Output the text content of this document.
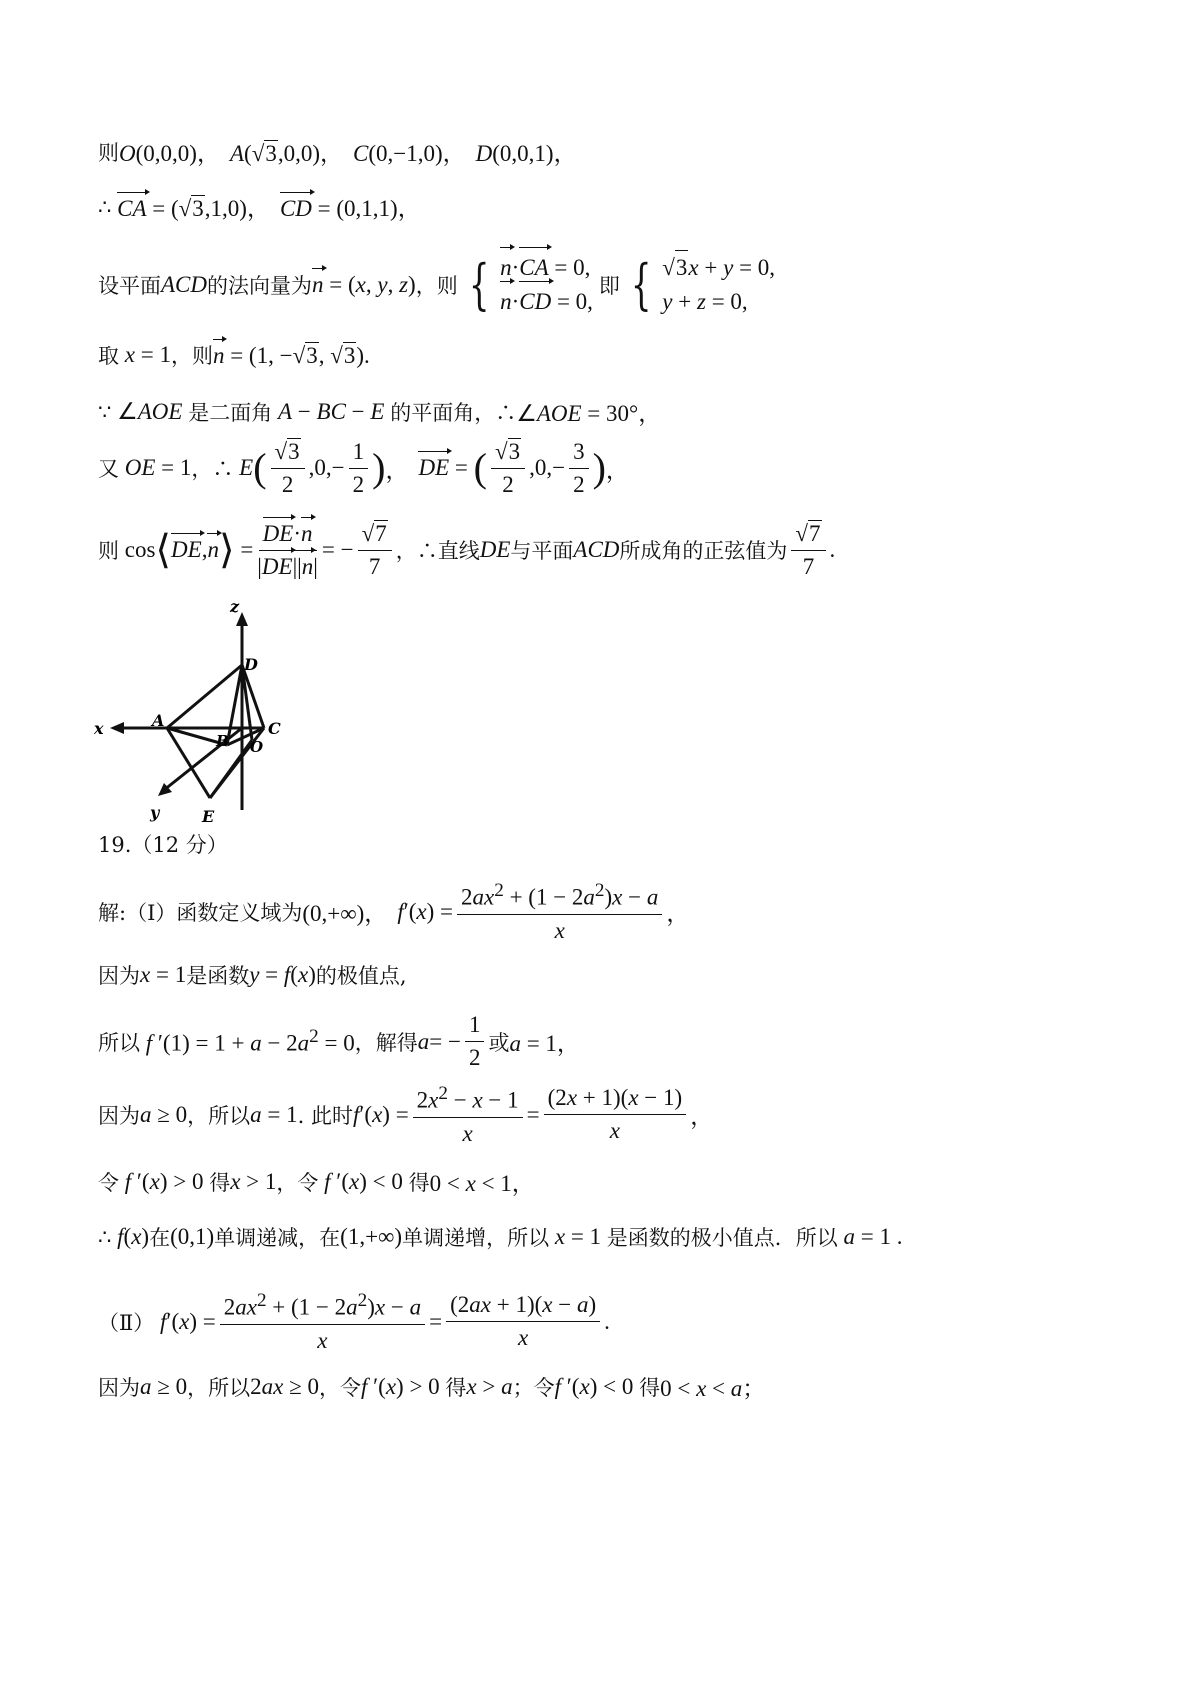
则 O(0,0,0)， A(√ 3 ,0,0)， C(0,−1,0)， D(0,0,1)，
∴ CA = (√ 3 ,1,0)， CD = (0,1,1)，
设平面 ACD 的法向量为 n = (x, y, z) ，则 { n·CA = 0,
n·CD = 0,
即 { √ 3 x + y = 0,
y + z = 0,
取 x = 1 ，则 n = (1, −√ 3 , √ 3 ).
∵ ∠AOE 是二面角 A − BC − E 的平面角，∴ ∠AOE = 30°，
又 OE = 1 ，∴
E ( $\frac{√ 3}{2} ,0,- \frac{1}{2}$ ) ， DE = ( $\frac{√ 3}{2} ,0,- \frac{3}{2}$ ) ，
则 cos ⟨ DE , n ⟩ = $\frac{DE\cdot n}{|DE||n|}$ = − $\frac{√ 7}{7}$ ，∴直线 DE 与平面 ACD 所成角的正弦值为 $\frac{√ 7}{7}$ .
z
D
x	A	C
B O
y	E
19.（12 分）
解:（Ⅰ）函数定义域为 (0,+∞)， f ′( x ) = $\frac{2ax^2 + (1 - 2a^2)x - a}{x}$ ，
因为 x = 1 是函数 y = f(x) 的极值点,
所以 f $'(1) = 1 + a - 2a^2 = 0$ ，解得 a = − $\frac{1}{2}$ 或 a = 1，
因为 a ≥ 0 ，所以 a = 1 . 此时 f ′( x ) = $\frac{2x^2 - x - 1}{x} = \frac{(2x + 1)(x - 1)}{x}$ ，
令 f ′(x) > 0 得 x > 1 ，令 f ′(x) < 0 得 0 < x < 1，
∴ f(x) 在 (0,1) 单调递减，在 (1,+∞) 单调递增，所以 x = 1 是函数的极小值点．所以 a = 1 .
（Ⅱ）
f ′( x ) = $\frac{2ax^2 + (1 - 2a^2)x - a}{x} = \frac{(2ax + 1)(x - a)}{x}$ .
因为 a ≥ 0 ，所以 2ax ≥ 0 ，令 f ′(x) > 0 得 x > a ；令 f ′(x) < 0 得 0 < x < a；
